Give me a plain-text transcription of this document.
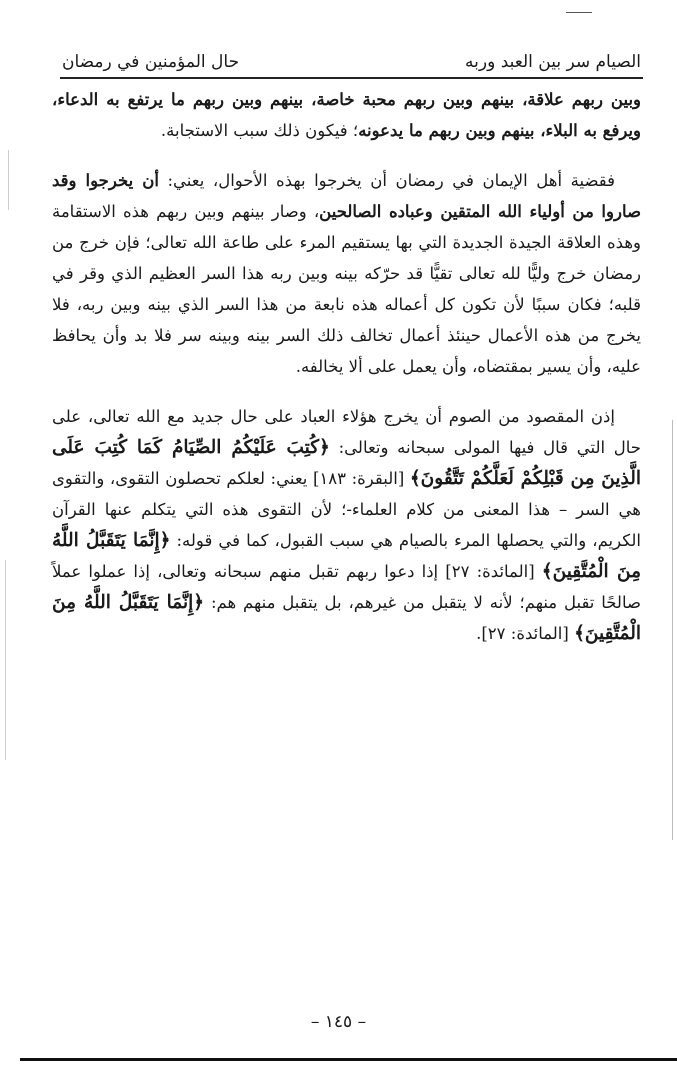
الصيام سر بين العبد وربه
حال المؤمنين في رمضان

وبين ربهم علاقة، بينهم وبين ربهم محبة خاصة، بينهم وبين ربهم ما يرتفع به الدعاء، ويرفع به البلاء، بينهم وبين ربهم ما يدعونه؛ فيكون ذلك سبب الاستجابة.

فقضية أهل الإيمان في رمضان أن يخرجوا بهذه الأحوال، يعني: أن يخرجوا وقد صاروا من أولياء الله المتقين وعباده الصالحين، وصار بينهم وبين ربهم هذه الاستقامة وهذه العلاقة الجيدة الجديدة التي بها يستقيم المرء على طاعة الله تعالى؛ فإن خرج من رمضان خرج وليًّا لله تعالى تقيًّا قد حرّكه بينه وبين ربه هذا السر العظيم الذي وقر في قلبه؛ فكان سببًا لأن تكون كل أعماله هذه نابعة من هذا السر الذي بينه وبين ربه، فلا يخرج من هذه الأعمال حينئذ أعمال تخالف ذلك السر بينه وبينه سر فلا بد وأن يحافظ عليه، وأن يسير بمقتضاه، وأن يعمل على ألا يخالفه.

إذن المقصود من الصوم أن يخرج هؤلاء العباد على حال جديد مع الله تعالى، على حال التي قال فيها المولى سبحانه وتعالى: ﴿كُتِبَ عَلَيْكُمُ الصِّيَامُ كَمَا كُتِبَ عَلَى الَّذِينَ مِن قَبْلِكُمْ لَعَلَّكُمْ تَتَّقُونَ﴾ [البقرة: ١٨٣] يعني: لعلكم تحصلون التقوى، والتقوى هي السر – هذا المعنى من كلام العلماء-؛ لأن التقوى هذه التي يتكلم عنها القرآن الكريم، والتي يحصلها المرء بالصيام هي سبب القبول، كما في قوله: ﴿إِنَّمَا يَتَقَبَّلُ اللَّهُ مِنَ الْمُتَّقِينَ﴾ [المائدة: ٢٧] إذا دعوا ربهم تقبل منهم سبحانه وتعالى، إذا عملوا عملاً صالحًا تقبل منهم؛ لأنه لا يتقبل من غيرهم، بل يتقبل منهم هم: ﴿إِنَّمَا يَتَقَبَّلُ اللَّهُ مِنَ الْمُتَّقِينَ﴾ [المائدة: ٢٧].

– ١٤٥ –
